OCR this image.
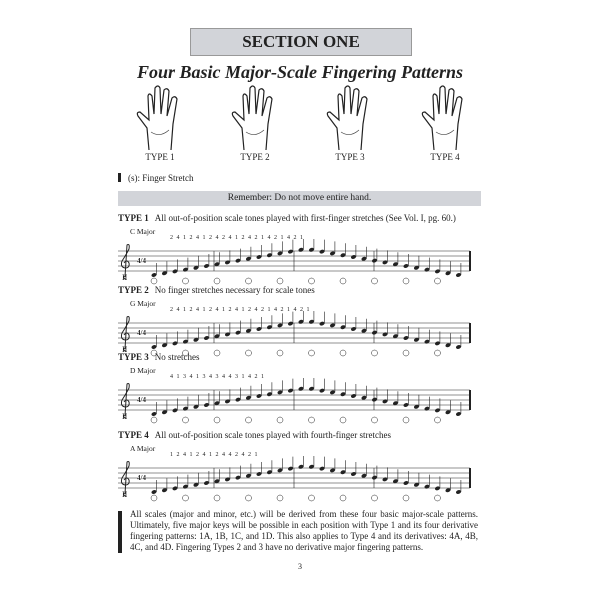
SECTION ONE
Four Basic Major-Scale Fingering Patterns
TYPE 1	TYPE 2	TYPE 3	TYPE 4
(s): Finger Stretch
Remember: Do not move entire hand.
TYPE 1 All out-of-position scale tones played with first-finger stretches (See Vol. I, pg. 60.)
C Major
2 4 1 2 4 1 2 4 2 4 1 2 4 2 1 4 2 1 4 2 1
4/4
II
TYPE 2 No finger stretches necessary for scale tones
G Major
2 4 1 2 4 1 2 4 1 2 4 1 2 4 2 1 4 2 1 4 2 1
4/4
II
TYPE 3 No stretches
D Major
4 1 3 4 1 3 4 3 4 4 3 1 4 2 1
4/4
II
TYPE 4 All out-of-position scale tones played with fourth-finger stretches
A Major
1 2 4 1 2 4 1 2 4 4 2 4 2 1
4/4
II
All scales (major and minor, etc.) will be derived from these four basic major-scale patterns. Ultimately, five major keys will be possible in each position with Type 1 and its four derivative fingering patterns: 1A, 1B, 1C, and 1D. This also applies to Type 4 and its derivatives: 4A, 4B, 4C, and 4D. Fingering Types 2 and 3 have no derivative major fingering patterns.
3
